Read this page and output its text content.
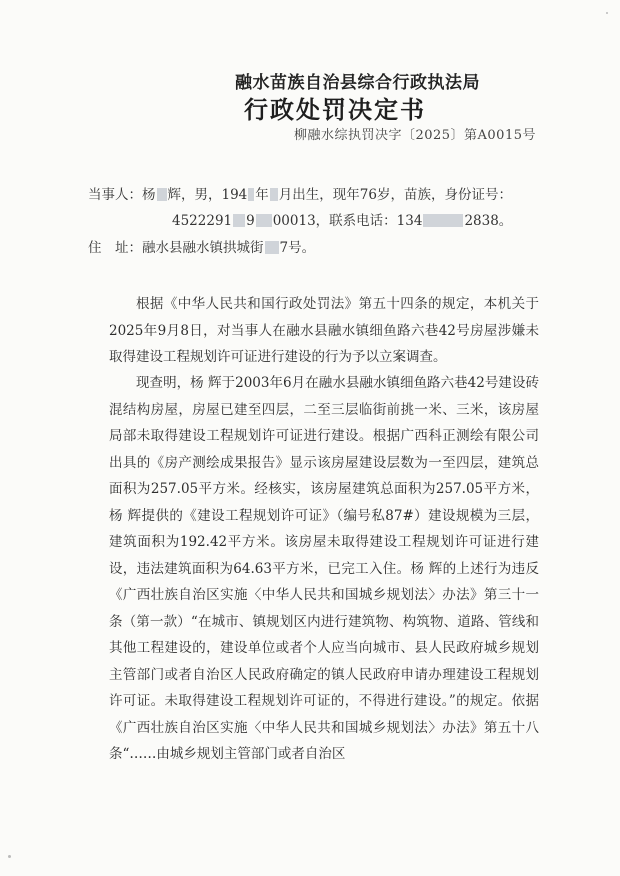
融水苗族自治县综合行政执法局
行政处罚决定书
柳融水综执罚决字〔2025〕第A0015号
当事人：杨 辉，男，194 年 月出生，现年76岁，苗族，身份证号：
4522291 9 00013，联系电话：134	2838。
住　址：融水县融水镇拱城街 7号。

根据《中华人民共和国行政处罚法》第五十四条的规定，本机关于2025年9月8日，对当事人在融水县融水镇细鱼路六巷42号房屋涉嫌未取得建设工程规划许可证进行建设的行为予以立案调查。

现查明，杨 辉于2003年6月在融水县融水镇细鱼路六巷42号建设砖混结构房屋，房屋已建至四层，二至三层临街前挑一米、三米，该房屋局部未取得建设工程规划许可证进行建设。根据广西科正测绘有限公司出具的《房产测绘成果报告》显示该房屋建设层数为一至四层，建筑总面积为257.05平方米。经核实，该房屋建筑总面积为257.05平方米，杨 辉提供的《建设工程规划许可证》（编号私87#）建设规模为三层，建筑面积为192.42平方米。该房屋未取得建设工程规划许可证进行建设，违法建筑面积为64.63平方米，已完工入住。杨 辉的上述行为违反《广西壮族自治区实施〈中华人民共和国城乡规划法〉办法》第三十一条（第一款）“在城市、镇规划区内进行建筑物、构筑物、道路、管线和其他工程建设的，建设单位或者个人应当向城市、县人民政府城乡规划主管部门或者自治区人民政府确定的镇人民政府申请办理建设工程规划许可证。未取得建设工程规划许可证的，不得进行建设。”的规定。依据《广西壮族自治区实施〈中华人民共和国城乡规划法〉办法》第五十八条“……由城乡规划主管部门或者自治区
